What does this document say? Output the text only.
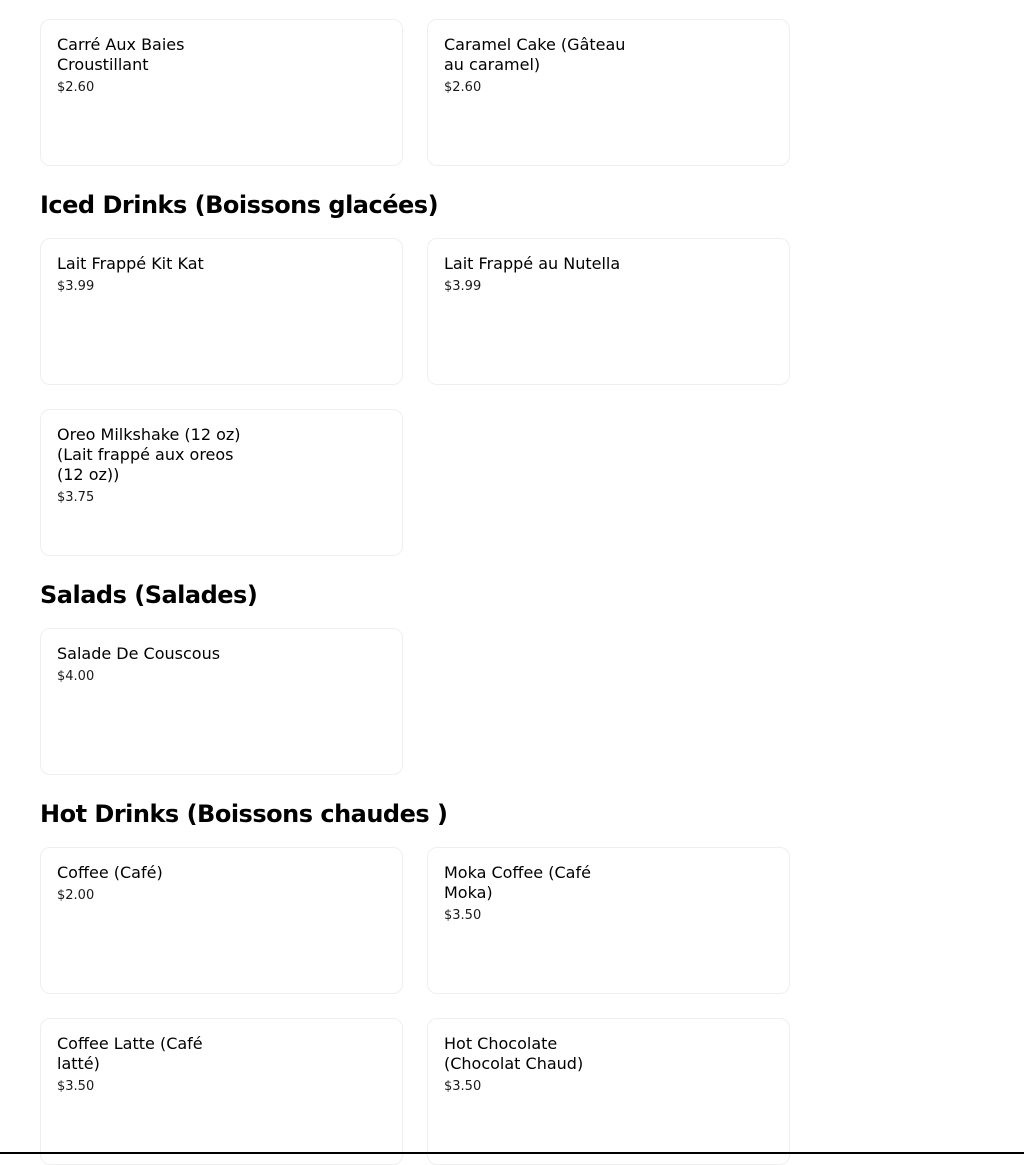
Carré Aux Baies Croustillant
$2.60
Caramel Cake (Gâteau au caramel)
$2.60
Iced Drinks (Boissons glacées)
Lait Frappé Kit Kat
$3.99
Lait Frappé au Nutella
$3.99
Oreo Milkshake (12 oz) (Lait frappé aux oreos (12 oz))
$3.75
Salads (Salades)
Salade De Couscous
$4.00
Hot Drinks (Boissons chaudes )
Coffee (Café)
$2.00
Moka Coffee (Café Moka)
$3.50
Coffee Latte (Café latté)
$3.50
Hot Chocolate (Chocolat Chaud)
$3.50
